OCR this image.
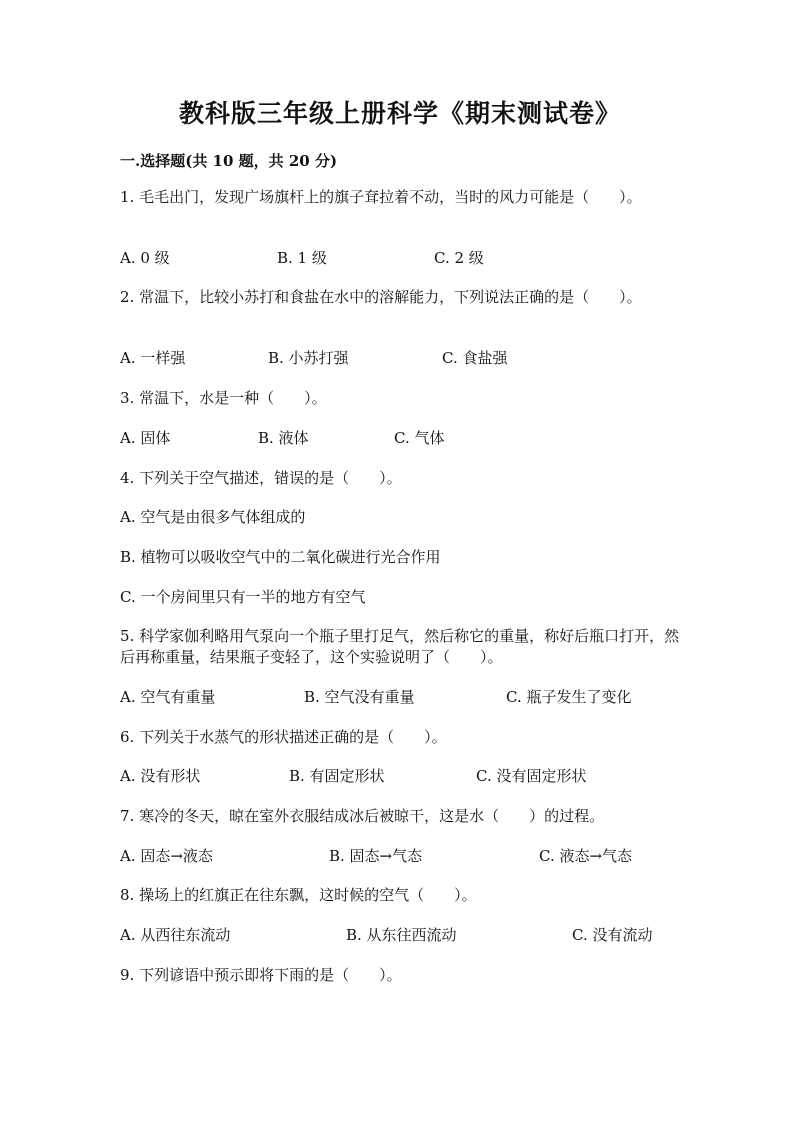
教科版三年级上册科学《期末测试卷》
一.选择题(共 10 题，共 20 分)
1. 毛毛出门，发现广场旗杆上的旗子耷拉着不动，当时的风力可能是（　　）。
A. 0 级	B. 1 级	C. 2 级
2. 常温下，比较小苏打和食盐在水中的溶解能力，下列说法正确的是（　　）。
A. 一样强	B. 小苏打强	C. 食盐强
3. 常温下，水是一种（　　）。
A. 固体	B. 液体	C. 气体
4. 下列关于空气描述，错误的是（　　）。
A. 空气是由很多气体组成的
B. 植物可以吸收空气中的二氧化碳进行光合作用
C. 一个房间里只有一半的地方有空气
5. 科学家伽利略用气泵向一个瓶子里打足气，然后称它的重量，称好后瓶口打开，然后再称重量，结果瓶子变轻了，这个实验说明了（　　）。
A. 空气有重量	B. 空气没有重量	C. 瓶子发生了变化
6. 下列关于水蒸气的形状描述正确的是（　　）。
A. 没有形状	B. 有固定形状	C. 没有固定形状
7. 寒冷的冬天，晾在室外衣服结成冰后被晾干，这是水（　　）的过程。
A. 固态→液态	B. 固态→气态	C. 液态→气态
8. 操场上的红旗正在往东飘，这时候的空气（　　）。
A. 从西往东流动	B. 从东往西流动	C. 没有流动
9. 下列谚语中预示即将下雨的是（　　）。
